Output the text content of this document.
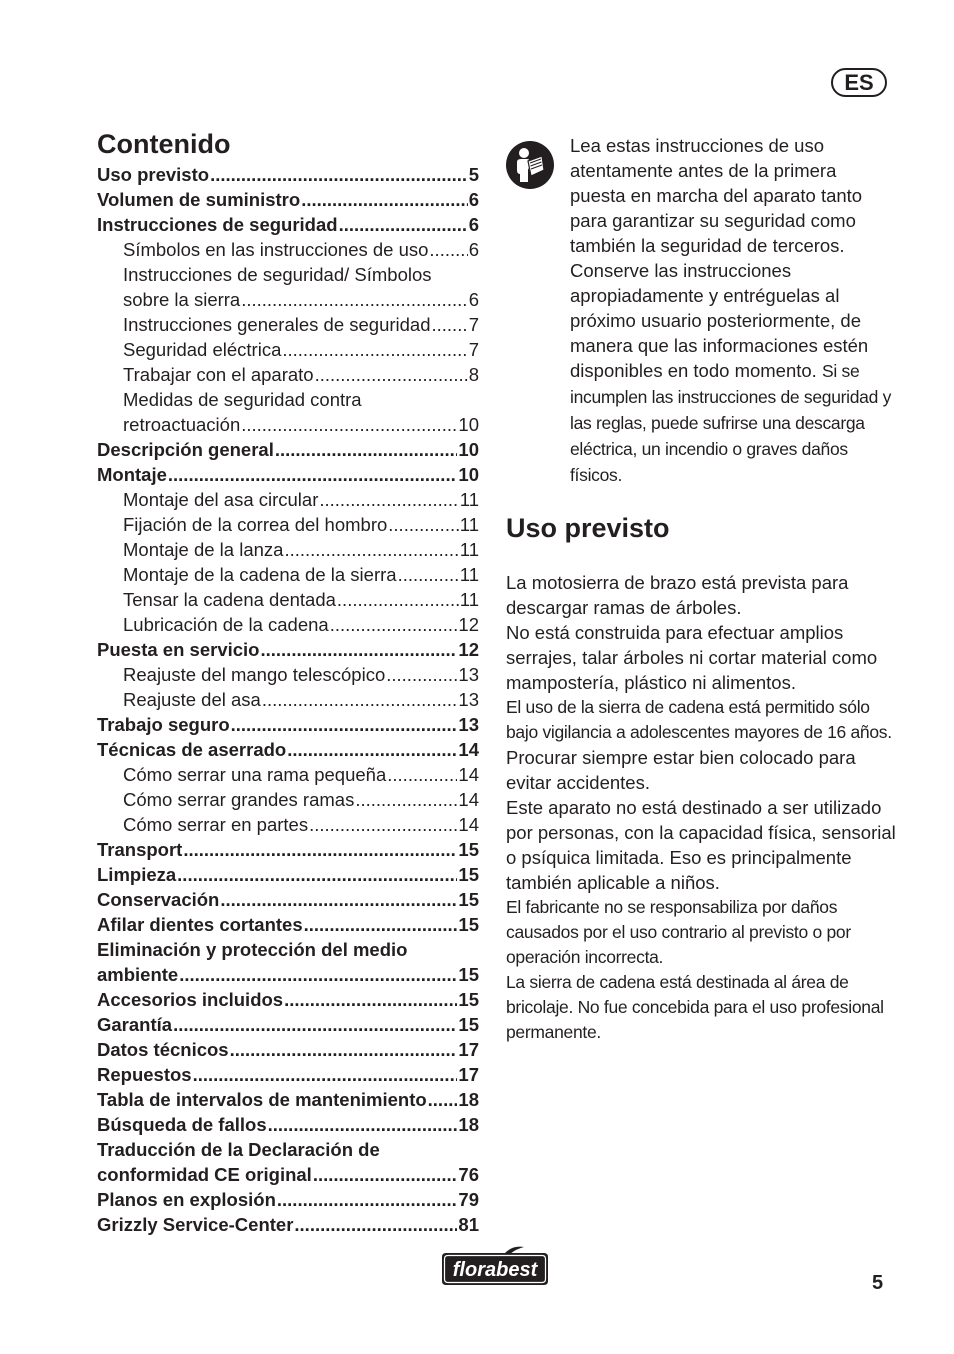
ES
Contenido
Uso previsto .....	5
Volumen de suministro .....	6
Instrucciones de seguridad .....	6
Símbolos en las instrucciones de uso ..... 6
Instrucciones de seguridad/ Símbolos
sobre la sierra .....	6
Instrucciones generales de seguridad ..... 7
Seguridad eléctrica .....	7
Trabajar con el aparato .....	8
Medidas de seguridad contra
retroactuación .....	10
Descripción general .....	10
Montaje .....	10
Montaje del asa circular .....	11
Fijación de la correa del hombro .....	11
Montaje de la lanza .....	11
Montaje de la cadena de la sierra .....	11
Tensar la cadena dentada .....	11
Lubricación de la cadena .....	12
Puesta en servicio .....	12
Reajuste del mango telescópico .....	13
Reajuste del asa .....	13
Trabajo seguro .....	13
Técnicas de aserrado .....	14
Cómo serrar una rama pequeña .....	14
Cómo serrar grandes ramas .....	14
Cómo serrar en partes .....	14
Transport .....	15
Limpieza .....	15
Conservación .....	15
Afilar dientes cortantes .....	15
Eliminación y protección del medio
ambiente .....	15
Accesorios incluidos .....	15
Garantía .....	15
Datos técnicos .....	17
Repuestos .....	17
Tabla de intervalos de mantenimiento ..... 18
Búsqueda de fallos .....	18
Traducción de la Declaración de
conformidad CE original .....	76
Planos en explosión .....	79
Grizzly Service-Center .....	81
Lea estas instrucciones de uso atentamente antes de la primera puesta en marcha del aparato tanto para garantizar su seguridad como también la seguridad de terceros. Conserve las instrucciones apropiadamente y entréguelas al próximo usuario posteriormente, de manera que las informaciones estén disponibles en todo momento. Si se incumplen las instrucciones de seguridad y las reglas, puede sufrirse una descarga eléctrica, un incendio o graves daños físicos.
Uso previsto

La motosierra de brazo está prevista para descargar ramas de árboles.

No está construida para efectuar amplios serrajes, talar árboles ni cortar material como mampostería, plástico ni alimentos.

El uso de la sierra de cadena está permitido sólo bajo vigilancia a adolescentes mayores de 16 años.

Procurar siempre estar bien colocado para evitar accidentes.

Este aparato no está destinado a ser utilizado por personas, con la capacidad física, sensorial o psíquica limitada. Eso es principalmente también aplicable a niños.

El fabricante no se responsabiliza por daños causados por el uso contrario al previsto o por operación incorrecta.

La sierra de cadena está destinada al área de bricolaje. No fue concebida para el uso profesional permanente.

florabest
5
